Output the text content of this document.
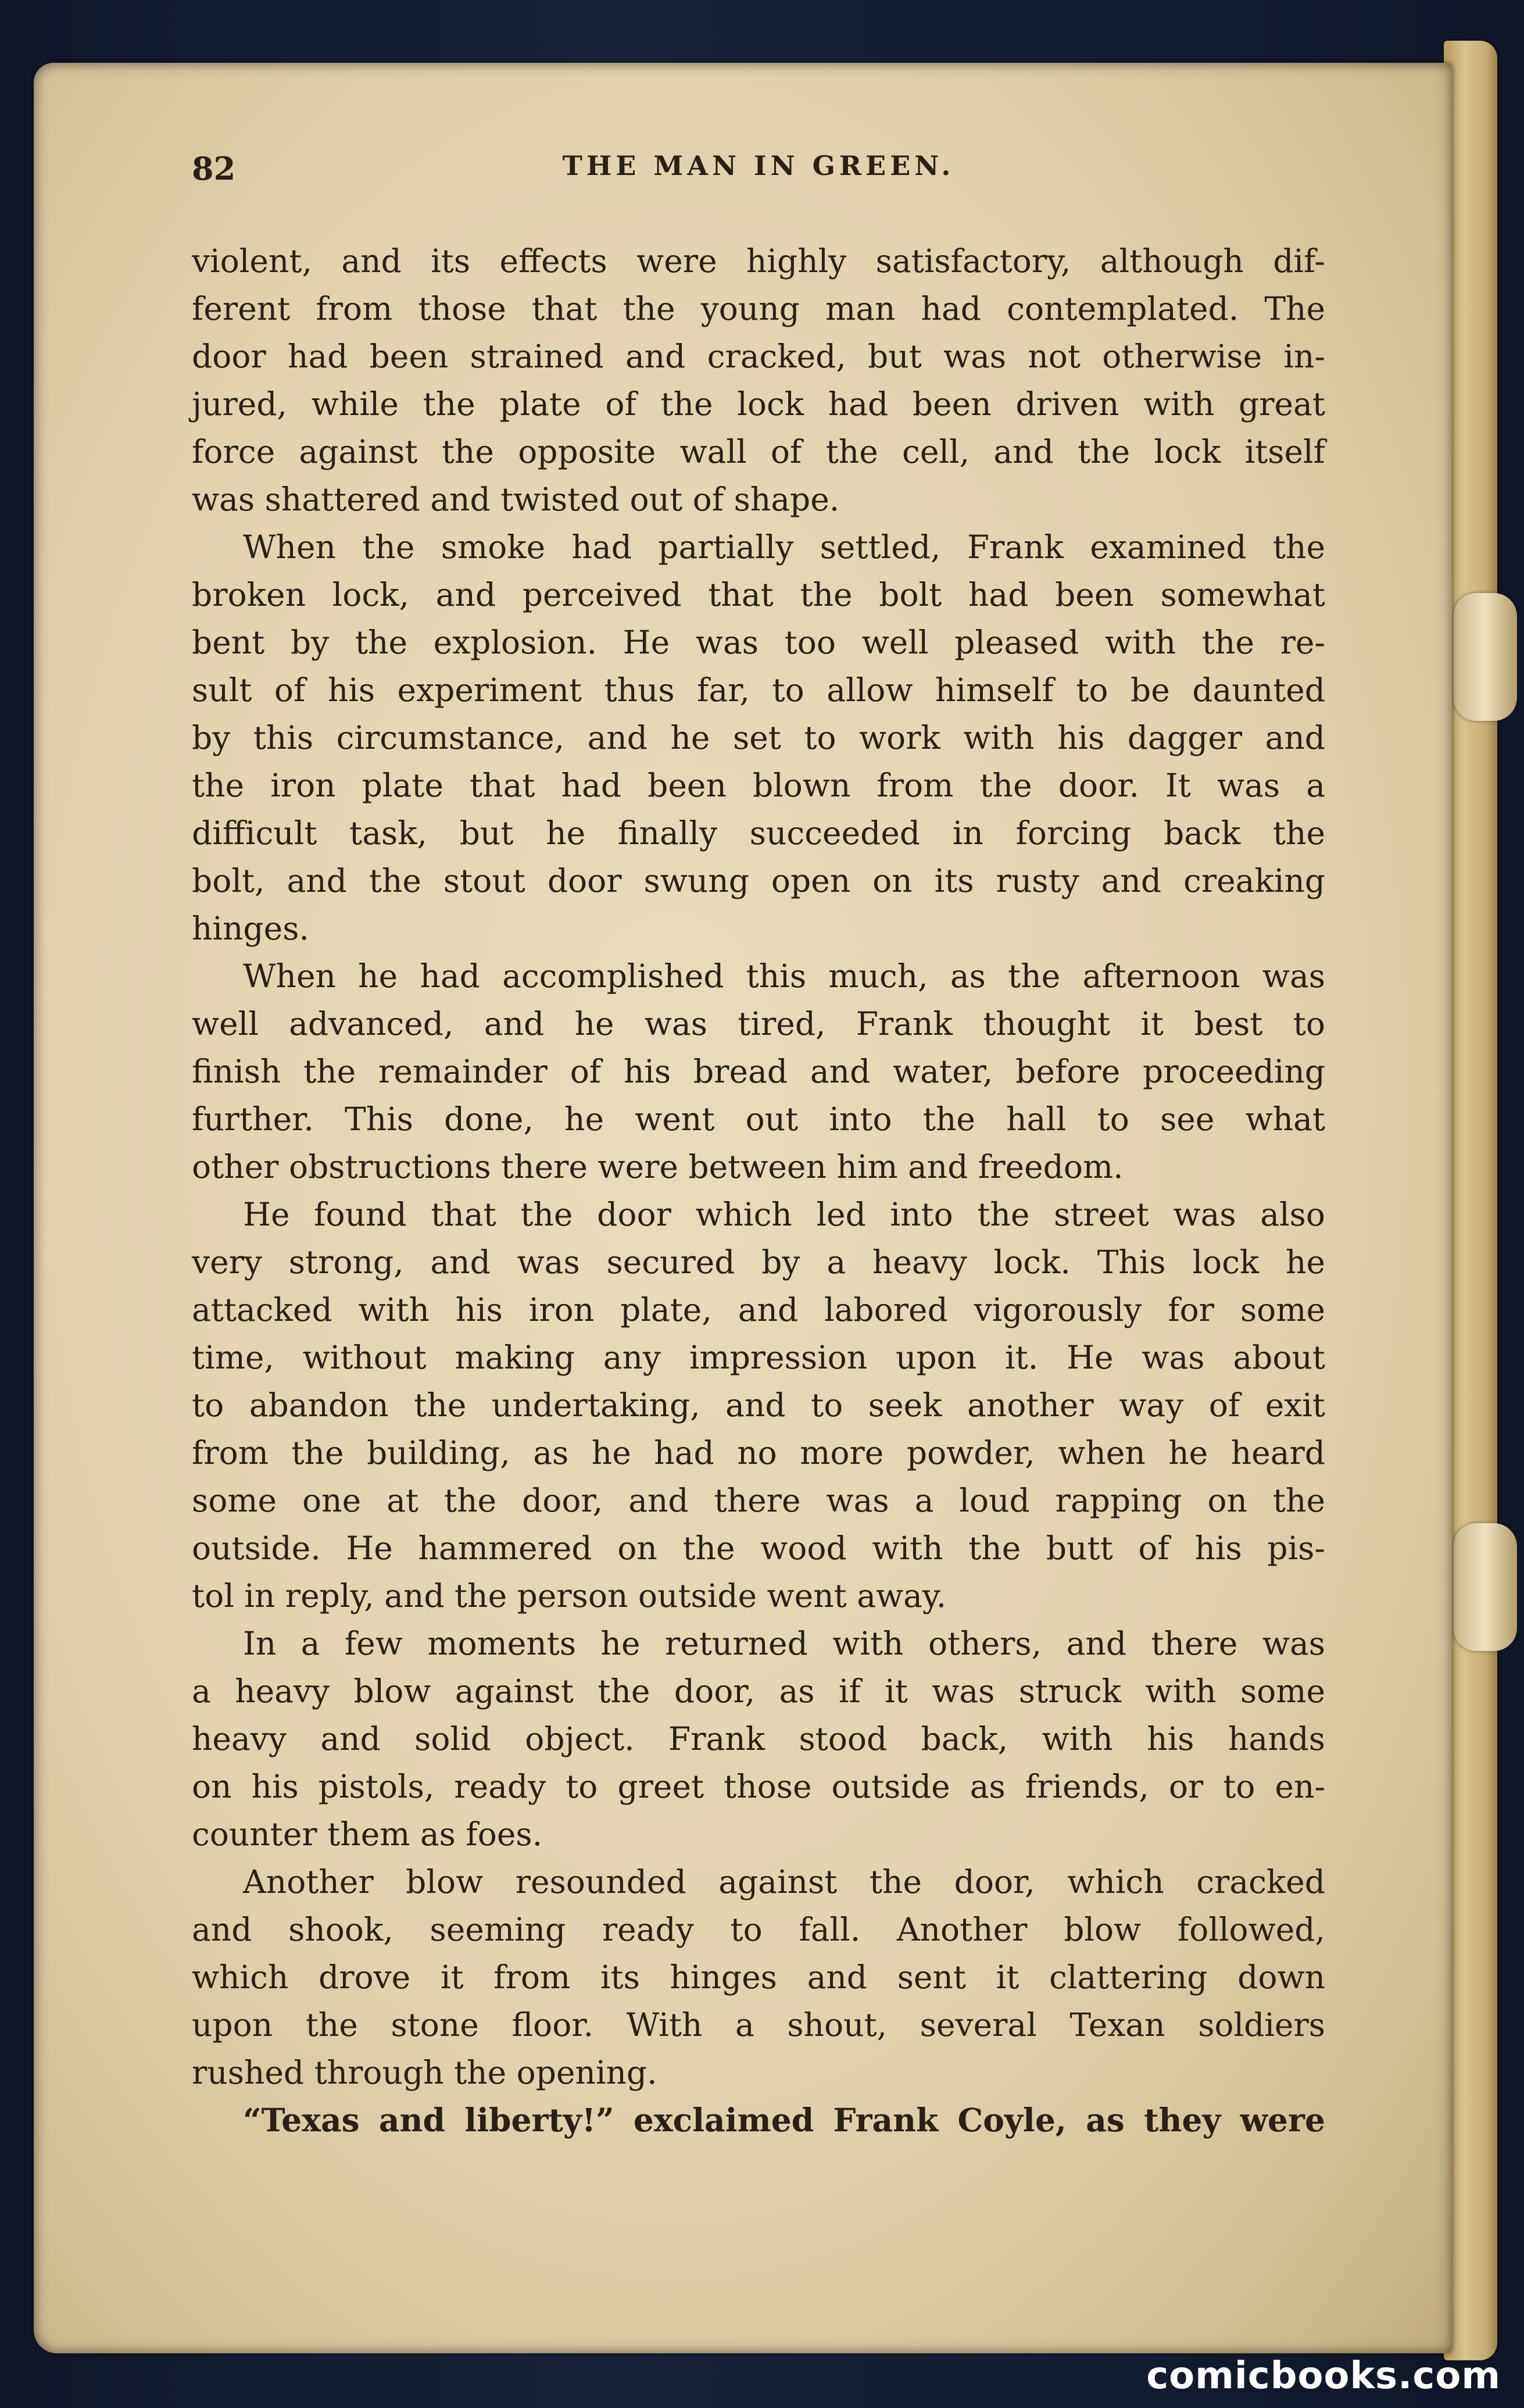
82	THE MAN IN GREEN.
violent, and its effects were highly satisfactory, although dif-
ferent from those that the young man had contemplated. The
door had been strained and cracked, but was not otherwise in-
jured, while the plate of the lock had been driven with great
force against the opposite wall of the cell, and the lock itself
was shattered and twisted out of shape.
When the smoke had partially settled, Frank examined the
broken lock, and perceived that the bolt had been somewhat
bent by the explosion. He was too well pleased with the re-
sult of his experiment thus far, to allow himself to be daunted
by this circumstance, and he set to work with his dagger and
the iron plate that had been blown from the door. It was a
difficult task, but he finally succeeded in forcing back the
bolt, and the stout door swung open on its rusty and creaking
hinges.
When he had accomplished this much, as the afternoon was
well advanced, and he was tired, Frank thought it best to
finish the remainder of his bread and water, before proceeding
further. This done, he went out into the hall to see what
other obstructions there were between him and freedom.
He found that the door which led into the street was also
very strong, and was secured by a heavy lock. This lock he
attacked with his iron plate, and labored vigorously for some
time, without making any impression upon it. He was about
to abandon the undertaking, and to seek another way of exit
from the building, as he had no more powder, when he heard
some one at the door, and there was a loud rapping on the
outside. He hammered on the wood with the butt of his pis-
tol in reply, and the person outside went away.
In a few moments he returned with others, and there was
a heavy blow against the door, as if it was struck with some
heavy and solid object. Frank stood back, with his hands
on his pistols, ready to greet those outside as friends, or to en-
counter them as foes.
Another blow resounded against the door, which cracked
and shook, seeming ready to fall. Another blow followed,
which drove it from its hinges and sent it clattering down
upon the stone floor. With a shout, several Texan soldiers
rushed through the opening.
“Texas and liberty!” exclaimed Frank Coyle, as they were
comicbooks.com
